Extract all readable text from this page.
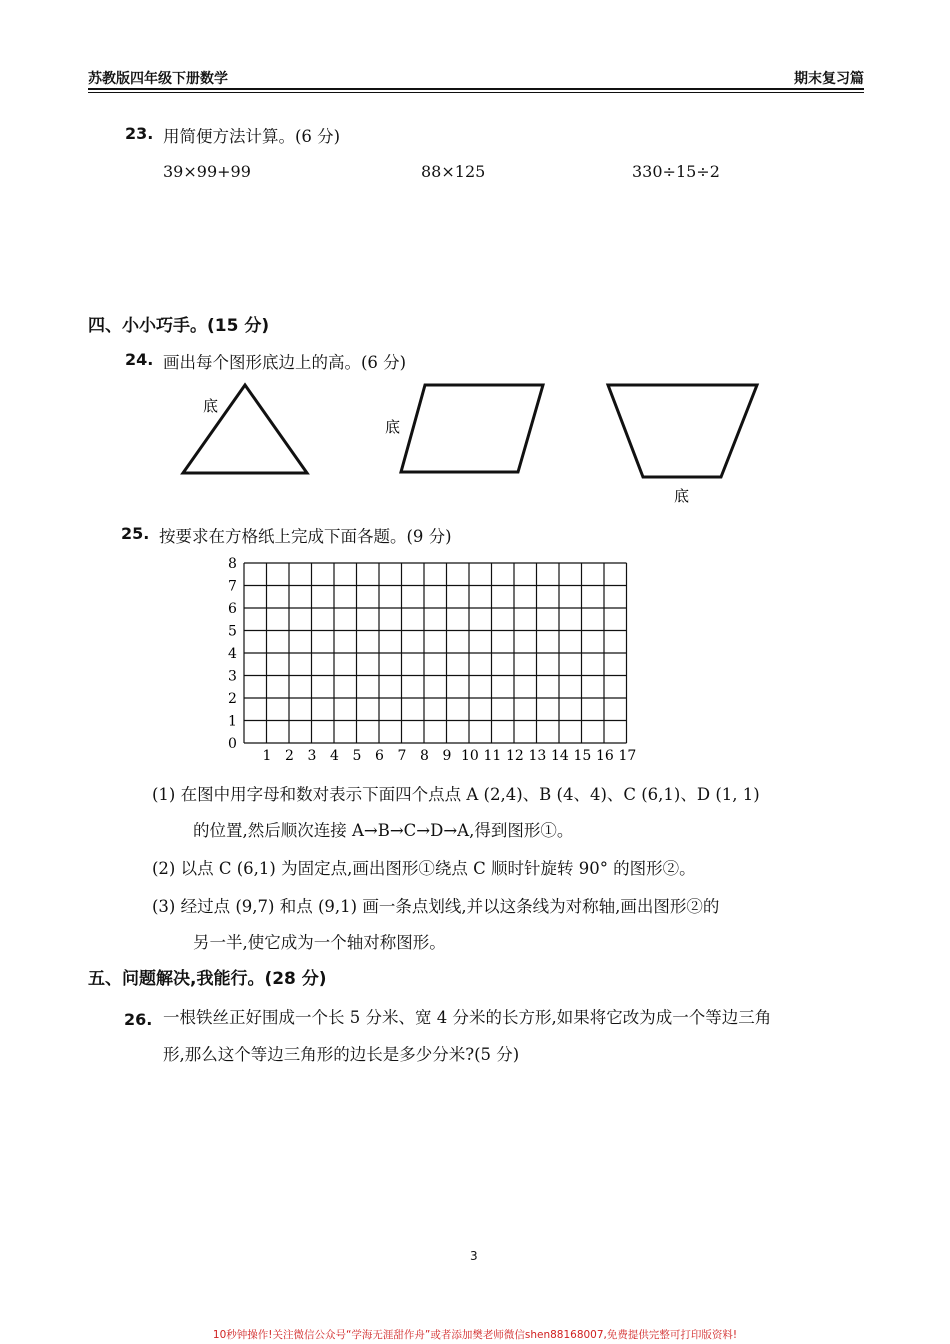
苏教版四年级下册数学	期末复习篇
23. 用简便方法计算。(6 分)
39×99+99	88×125	330÷15÷2
四、小小巧手。(15 分)
24. 画出每个图形底边上的高。(6 分)
底
底
底
25. 按要求在方格纸上完成下面各题。(9 分)
1 2 3 4 5 6 7 8 9 10 11 12 13 14 15 16 17
0
1
2
3
4
5
6
7
8
(1) 在图中用字母和数对表示下面四个点点 A (2,4)、B (4、4)、C (6,1)、D (1, 1)
的位置,然后顺次连接 A→B→C→D→A,得到图形①。
(2) 以点 C (6,1) 为固定点,画出图形①绕点 C 顺时针旋转 90° 的图形②。
(3) 经过点 (9,7) 和点 (9,1) 画一条点划线,并以这条线为对称轴,画出图形②的
另一半,使它成为一个轴对称图形。
五、问题解决,我能行。(28 分)
26. 一根铁丝正好围成一个长 5 分米、宽 4 分米的长方形,如果将它改为成一个等边三角
形,那么这个等边三角形的边长是多少分米?(5 分)
3
10秒钟操作!关注微信公众号“学海无涯甜作舟”或者添加樊老师微信shen88168007,免费提供完整可打印版资料!
